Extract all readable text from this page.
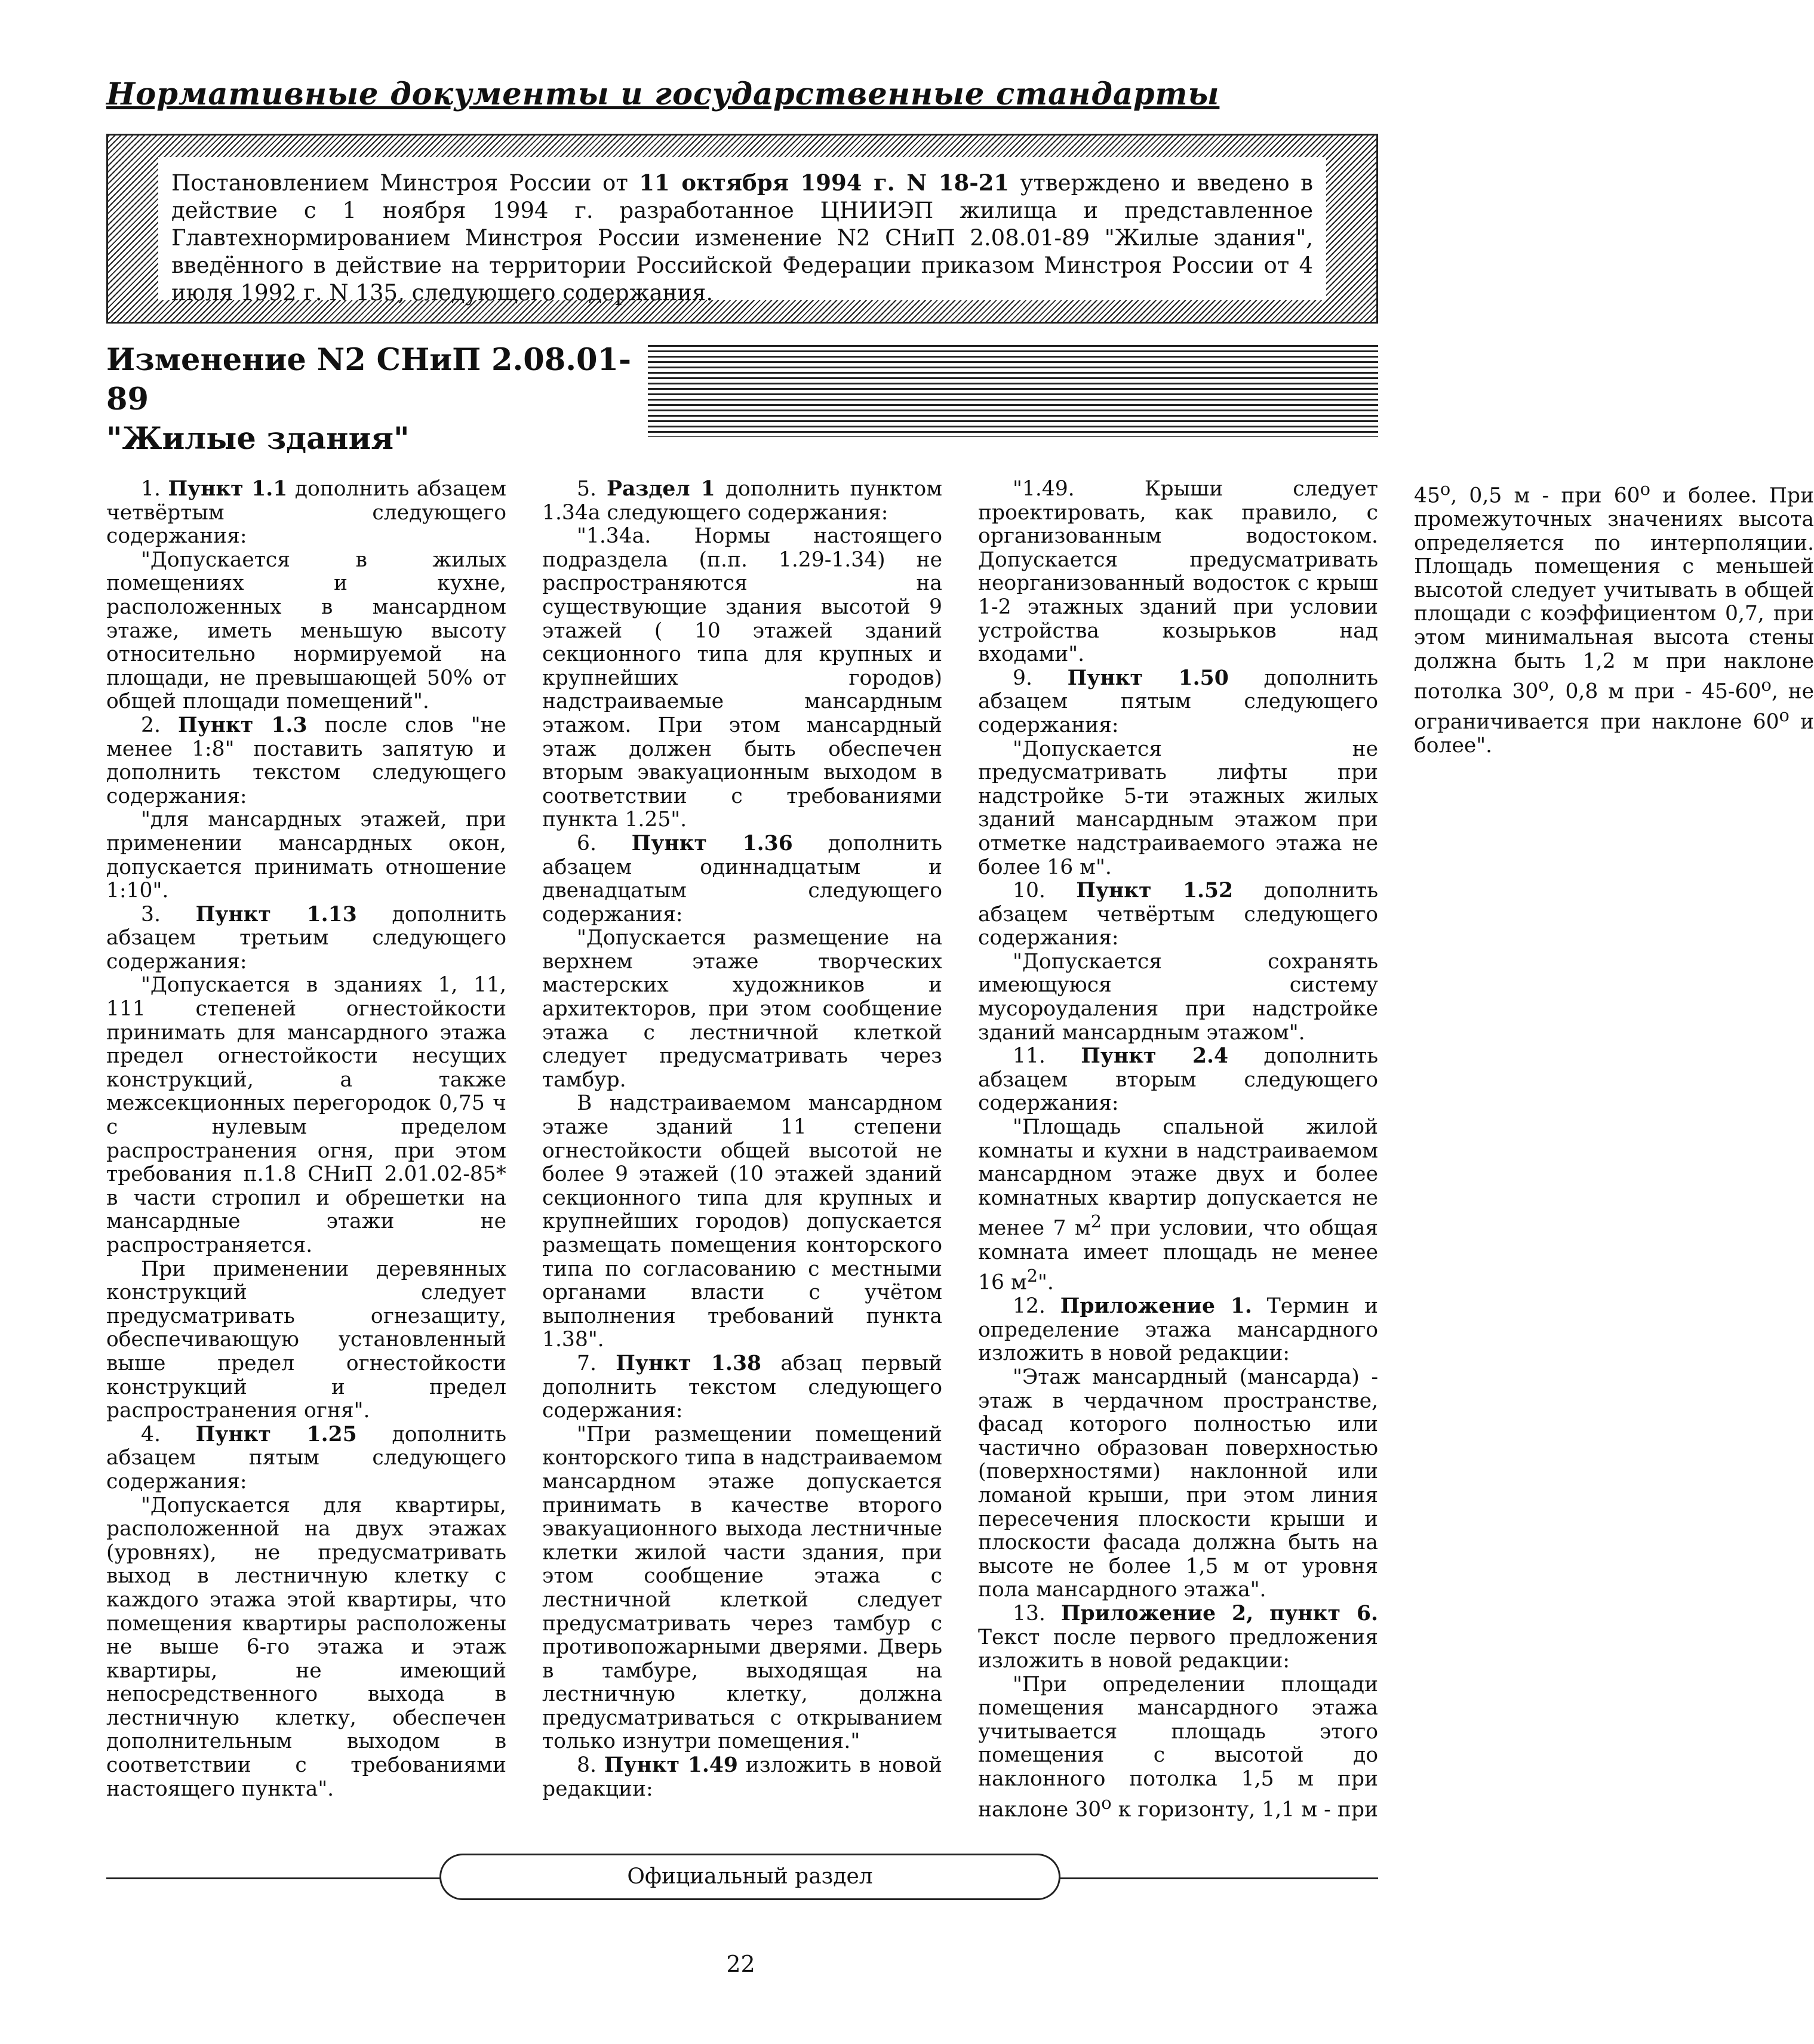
Нормативные документы и государственные стандарты
Постановлением Минстроя России от 11 октября 1994 г. N 18-21 утверждено и введено в действие с 1 ноября 1994 г. разработанное ЦНИИЭП жилища и представленное Главтехнормированием Минстроя России изменение N2 СНиП 2.08.01-89 "Жилые здания", введённого в действие на территории Российской Федерации приказом Минстроя России от 4 июля 1992 г. N 135, следующего содержания.
Изменение N2 СНиП 2.08.01-89
"Жилые здания"

1. Пункт 1.1 дополнить абзацем четвёртым следующего содержания:

"Допускается в жилых помещениях и кухне, расположенных в мансардном этаже, иметь меньшую высоту относительно нормируемой на площади, не превышающей 50% от общей площади помещений".

2. Пункт 1.3 после слов "не менее 1:8" поставить запятую и дополнить текстом следующего содержания:

"для мансардных этажей, при применении мансардных окон, допускается принимать отношение 1:10".

3. Пункт 1.13 дополнить абзацем третьим следующего содержания:

"Допускается в зданиях 1, 11, 111 степеней огнестойкости принимать для мансардного этажа предел огнестойкости несущих конструкций, а также межсекционных перегородок 0,75 ч с нулевым пределом распространения огня, при этом требования п.1.8 СНиП 2.01.02-85* в части стропил и обрешетки на мансардные этажи не распространяется.

При применении деревянных конструкций следует предусматривать огнезащиту, обеспечивающую установленный выше предел огнестойкости конструкций и предел распространения огня".

4. Пункт 1.25 дополнить абзацем пятым следующего содержания:

"Допускается для квартиры, расположенной на двух этажах (уровнях), не предусматривать выход в лестничную клетку с каждого этажа этой квартиры, что помещения квартиры расположены не выше 6-го этажа и этаж квартиры, не имеющий непосредственного выхода в лестничную клетку, обеспечен дополнительным выходом в соответствии с требованиями настоящего пункта".

5. Раздел 1 дополнить пунктом 1.34а следующего содержания:

"1.34а. Нормы настоящего подраздела (п.п. 1.29-1.34) не распространяются на существующие здания высотой 9 этажей ( 10 этажей зданий секционного типа для крупных и крупнейших городов) надстраиваемые мансардным этажом. При этом мансардный этаж должен быть обеспечен вторым эвакуационным выходом в соответствии с требованиями пункта 1.25".

6. Пункт 1.36 дополнить абзацем одиннадцатым и двенадцатым следующего содержания:

"Допускается размещение на верхнем этаже творческих мастерских художников и архитекторов, при этом сообщение этажа с лестничной клеткой следует предусматривать через тамбур.

В надстраиваемом мансардном этаже зданий 11 степени огнестойкости общей высотой не более 9 этажей (10 этажей зданий секционного типа для крупных и крупнейших городов) допускается размещать помещения конторского типа по согласованию с местными органами власти с учётом выполнения требований пункта 1.38".

7. Пункт 1.38 абзац первый дополнить текстом следующего содержания:

"При размещении помещений конторского типа в надстраиваемом мансардном этаже допускается принимать в качестве второго эвакуационного выхода лестничные клетки жилой части здания, при этом сообщение этажа с лестничной клеткой следует предусматривать через тамбур с противопожарными дверями. Дверь в тамбуре, выходящая на лестничную клетку, должна предусматриваться с открыванием только изнутри помещения."

8. Пункт 1.49 изложить в новой редакции:

"1.49. Крыши следует проектировать, как правило, с организованным водостоком. Допускается предусматривать неорганизованный водосток с крыш 1-2 этажных зданий при условии устройства козырьков над входами".

9. Пункт 1.50 дополнить абзацем пятым следующего содержания:

"Допускается не предусматривать лифты при надстройке 5-ти этажных жилых зданий мансардным этажом при отметке надстраиваемого этажа не более 16 м".

10. Пункт 1.52 дополнить абзацем четвёртым следующего содержания:

"Допускается сохранять имеющуюся систему мусороудаления при надстройке зданий мансардным этажом".

11. Пункт 2.4 дополнить абзацем вторым следующего содержания:

"Площадь спальной жилой комнаты и кухни в надстраиваемом мансардном этаже двух и более комнатных квартир допускается не менее 7 $м^2$ при условии, что общая комната имеет площадь не менее 16 $м^2$".

12. Приложение 1. Термин и определение этажа мансардного изложить в новой редакции:

"Этаж мансардный (мансарда) - этаж в чердачном пространстве, фасад которого полностью или частично образован поверхностью (поверхностями) наклонной или ломаной крыши, при этом линия пересечения плоскости крыши и плоскости фасада должна быть на высоте не более 1,5 м от уровня пола мансардного этажа".

13. Приложение 2, пункт 6. Текст после первого предложения изложить в новой редакции:

"При определении площади помещения мансардного этажа учитывается площадь этого помещения с высотой до наклонного потолка 1,5 м при наклоне $30^о$ к горизонту, 1,1 м - при $45^о$, 0,5 м - при $60^о$ и более. При промежуточных значениях высота определяется по интерполяции. Площадь помещения с меньшей высотой следует учитывать в общей площади с коэффициентом 0,7, при этом минимальная высота стены должна быть 1,2 м при наклоне потолка $30^о$, 0,8 м при - $45-60^о$, не ограничивается при наклоне $60^о$ и более".

Официальный раздел
22
